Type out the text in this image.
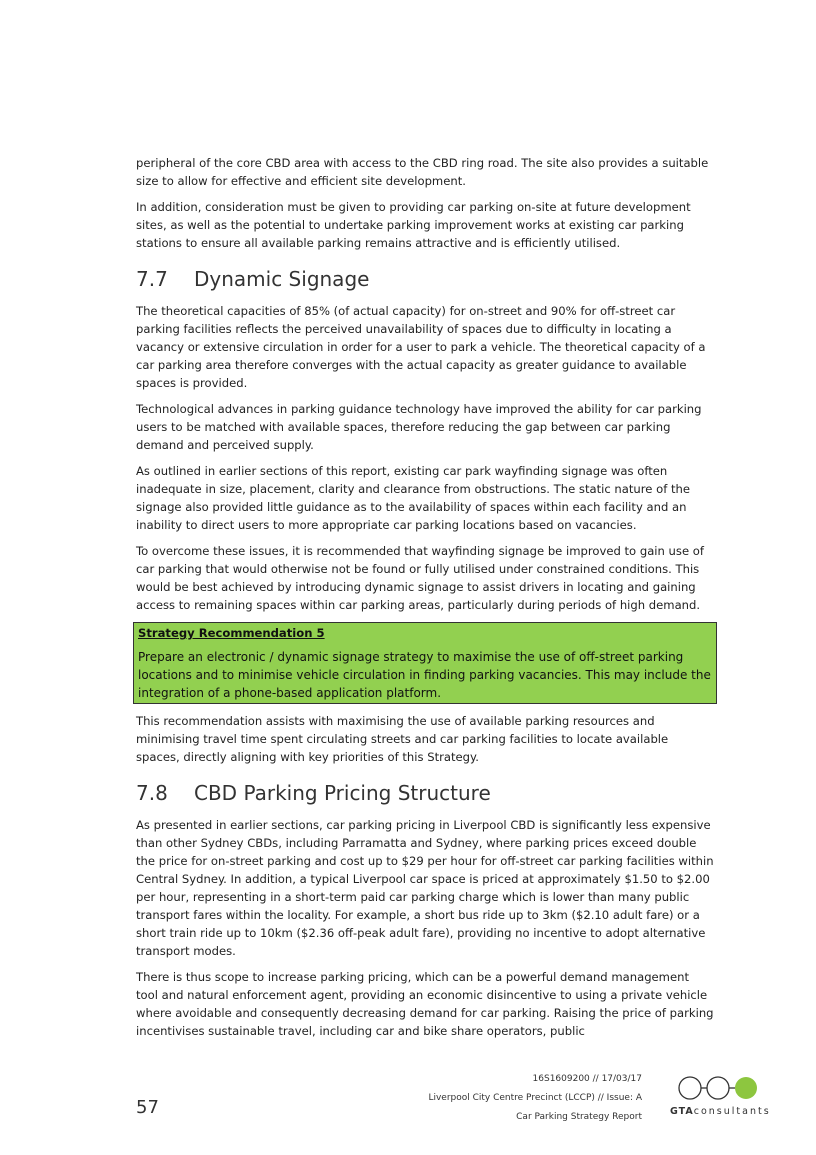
peripheral of the core CBD area with access to the CBD ring road. The site also provides a suitable size to allow for effective and efficient site development.

In addition, consideration must be given to providing car parking on-site at future development sites, as well as the potential to undertake parking improvement works at existing car parking stations to ensure all available parking remains attractive and is efficiently utilised.

7.7	Dynamic Signage

The theoretical capacities of 85% (of actual capacity) for on-street and 90% for off-street car parking facilities reflects the perceived unavailability of spaces due to difficulty in locating a vacancy or extensive circulation in order for a user to park a vehicle. The theoretical capacity of a car parking area therefore converges with the actual capacity as greater guidance to available spaces is provided.

Technological advances in parking guidance technology have improved the ability for car parking users to be matched with available spaces, therefore reducing the gap between car parking demand and perceived supply.

As outlined in earlier sections of this report, existing car park wayfinding signage was often inadequate in size, placement, clarity and clearance from obstructions. The static nature of the signage also provided little guidance as to the availability of spaces within each facility and an inability to direct users to more appropriate car parking locations based on vacancies.

To overcome these issues, it is recommended that wayfinding signage be improved to gain use of car parking that would otherwise not be found or fully utilised under constrained conditions. This would be best achieved by introducing dynamic signage to assist drivers in locating and gaining access to remaining spaces within car parking areas, particularly during periods of high demand.

Strategy Recommendation 5

Prepare an electronic / dynamic signage strategy to maximise the use of off-street parking locations and to minimise vehicle circulation in finding parking vacancies. This may include the integration of a phone-based application platform.

This recommendation assists with maximising the use of available parking resources and minimising travel time spent circulating streets and car parking facilities to locate available spaces, directly aligning with key priorities of this Strategy.

7.8	CBD Parking Pricing Structure

As presented in earlier sections, car parking pricing in Liverpool CBD is significantly less expensive than other Sydney CBDs, including Parramatta and Sydney, where parking prices exceed double the price for on-street parking and cost up to $29 per hour for off-street car parking facilities within Central Sydney. In addition, a typical Liverpool car space is priced at approximately $1.50 to $2.00 per hour, representing in a short-term paid car parking charge which is lower than many public transport fares within the locality. For example, a short bus ride up to 3km ($2.10 adult fare) or a short train ride up to 10km ($2.36 off-peak adult fare), providing no incentive to adopt alternative transport modes.

There is thus scope to increase parking pricing, which can be a powerful demand management tool and natural enforcement agent, providing an economic disincentive to using a private vehicle where avoidable and consequently decreasing demand for car parking. Raising the price of parking incentivises sustainable travel, including car and bike share operators, public

16S1609200 // 17/03/17
Liverpool City Centre Precinct (LCCP) // Issue: A
Car Parking Strategy Report
57	GTAconsultants
